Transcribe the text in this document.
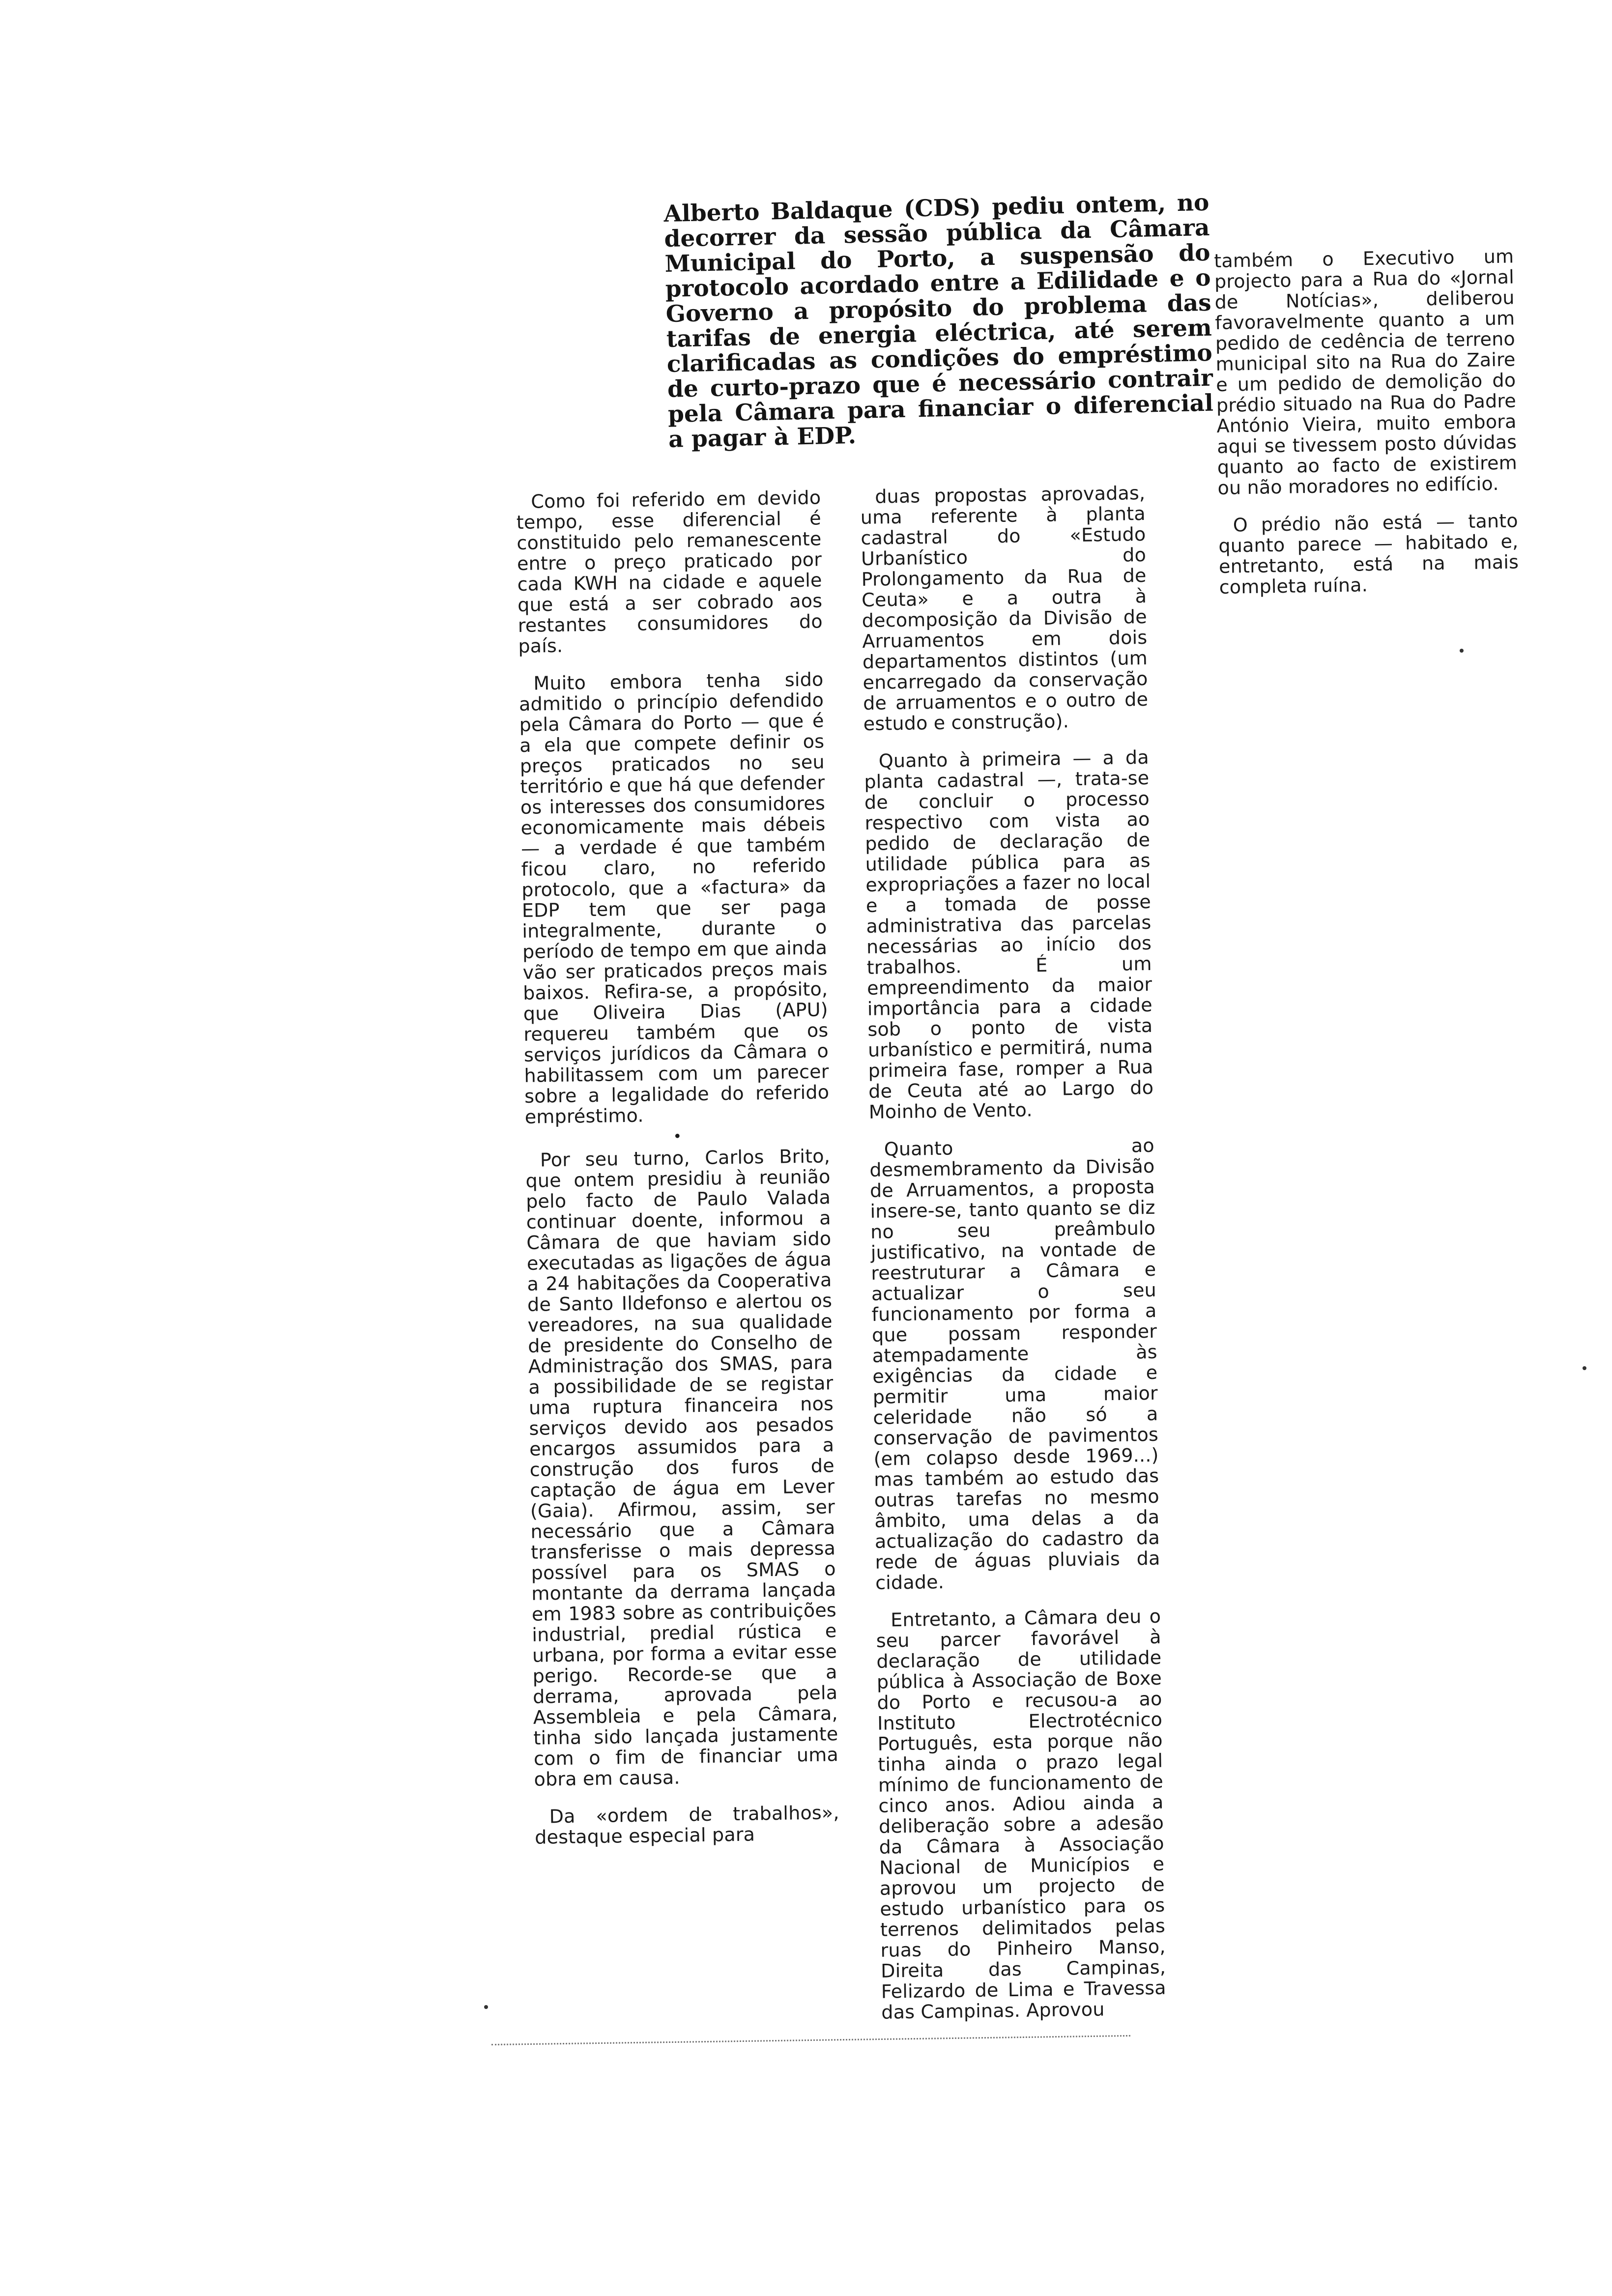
Alberto Baldaque (CDS) pediu ontem, no decorrer da sessão pública da Câmara Municipal do Porto, a suspensão do protocolo acordado entre a Edilidade e o Governo a propósito do problema das tarifas de energia eléctrica, até serem clarificadas as condições do empréstimo de curto-prazo que é necessário contrair pela Câmara para financiar o diferencial a pagar à EDP.

Como foi referido em devido tempo, esse diferencial é constituido pelo remanescente entre o preço praticado por cada KWH na cidade e aquele que está a ser cobrado aos restantes consumidores do país.

Muito embora tenha sido admitido o princípio defendido pela Câmara do Porto — que é a ela que compete definir os preços praticados no seu território e que há que defender os interesses dos consumidores economicamente mais débeis — a verdade é que também ficou claro, no referido protocolo, que a «factura» da EDP tem que ser paga integralmente, durante o período de tempo em que ainda vão ser praticados preços mais baixos. Refira-se, a propósito, que Oliveira Dias (APU) requereu também que os serviços jurídicos da Câmara o habilitassem com um parecer sobre a legalidade do referido empréstimo.

•

Por seu turno, Carlos Brito, que ontem presidiu à reunião pelo facto de Paulo Valada continuar doente, informou a Câmara de que haviam sido executadas as ligações de água a 24 habitações da Cooperativa de Santo Ildefonso e alertou os vereadores, na sua qualidade de presidente do Conselho de Administração dos SMAS, para a possibilidade de se registar uma ruptura financeira nos serviços devido aos pesados encargos assumidos para a construção dos furos de captação de água em Lever (Gaia). Afirmou, assim, ser necessário que a Câmara transferisse o mais depressa possível para os SMAS o montante da derrama lançada em 1983 sobre as contribuições industrial, predial rústica e urbana, por forma a evitar esse perigo. Recorde-se que a derrama, aprovada pela Assembleia e pela Câmara, tinha sido lançada justamente com o fim de financiar uma obra em causa.

Da «ordem de trabalhos», destaque especial para

duas propostas aprovadas, uma referente à planta cadastral do «Estudo Urbanístico do Prolongamento da Rua de Ceuta» e a outra à decomposição da Divisão de Arruamentos em dois departamentos distintos (um encarregado da conservação de arruamentos e o outro de estudo e construção).

Quanto à primeira — a da planta cadastral —, trata-se de concluir o processo respectivo com vista ao pedido de declaração de utilidade pública para as expropriações a fazer no local e a tomada de posse administrativa das parcelas necessárias ao início dos trabalhos. É um empreendimento da maior importância para a cidade sob o ponto de vista urbanístico e permitirá, numa primeira fase, romper a Rua de Ceuta até ao Largo do Moinho de Vento.

Quanto ao desmembramento da Divisão de Arruamentos, a proposta insere-se, tanto quanto se diz no seu preâmbulo justificativo, na vontade de reestruturar a Câmara e actualizar o seu funcionamento por forma a que possam responder atempadamente às exigências da cidade e permitir uma maior celeridade não só a conservação de pavimentos (em colapso desde 1969...) mas também ao estudo das outras tarefas no mesmo âmbito, uma delas a da actualização do cadastro da rede de águas pluviais da cidade.

Entretanto, a Câmara deu o seu parcer favorável à declaração de utilidade pública à Associação de Boxe do Porto e recusou-a ao Instituto Electrotécnico Português, esta porque não tinha ainda o prazo legal mínimo de funcionamento de cinco anos. Adiou ainda a deliberação sobre a adesão da Câmara à Associação Nacional de Municípios e aprovou um projecto de estudo urbanístico para os terrenos delimitados pelas ruas do Pinheiro Manso, Direita das Campinas, Felizardo de Lima e Travessa das Campinas. Aprovou

também o Executivo um projecto para a Rua do «Jornal de Notícias», deliberou favoravelmente quanto a um pedido de cedência de terreno municipal sito na Rua do Zaire e um pedido de demolição do prédio situado na Rua do Padre António Vieira, muito embora aqui se tivessem posto dúvidas quanto ao facto de existirem ou não moradores no edifício.

O prédio não está — tanto quanto parece — habitado e, entretanto, está na mais completa ruína.
